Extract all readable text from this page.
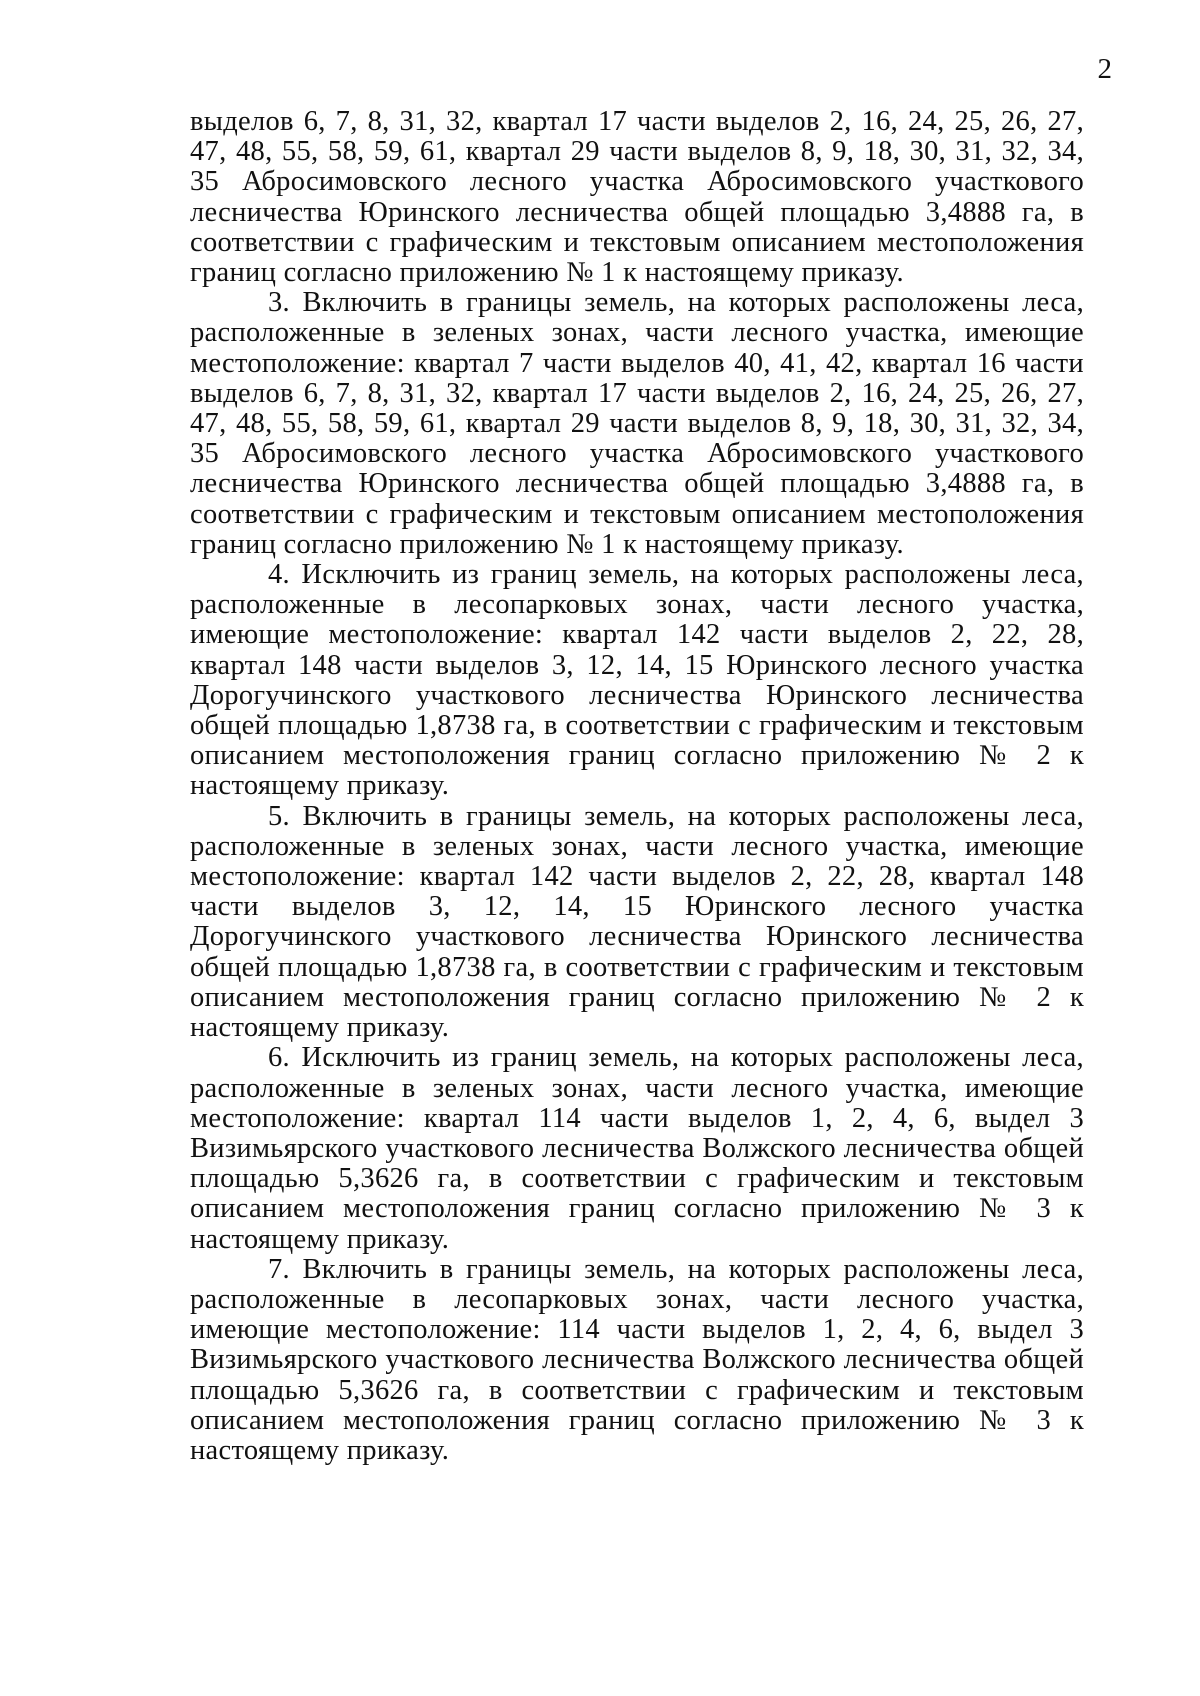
2

выделов 6, 7, 8, 31, 32, квартал 17 части выделов 2, 16, 24, 25, 26, 27, 47, 48, 55, 58, 59, 61, квартал 29 части выделов 8, 9, 18, 30, 31, 32, 34, 35 Абросимовского лесного участка Абросимовского участкового лесничества Юринского лесничества общей площадью 3,4888 га, в соответствии с графическим и текстовым описанием местоположения границ согласно приложению № 1 к настоящему приказу.

3. Включить в границы земель, на которых расположены леса, расположенные в зеленых зонах, части лесного участка, имеющие местоположение: квартал 7 части выделов 40, 41, 42, квартал 16 части выделов 6, 7, 8, 31, 32, квартал 17 части выделов 2, 16, 24, 25, 26, 27, 47, 48, 55, 58, 59, 61, квартал 29 части выделов 8, 9, 18, 30, 31, 32, 34, 35 Абросимовского лесного участка Абросимовского участкового лесничества Юринского лесничества общей площадью 3,4888 га, в соответствии с графическим и текстовым описанием местоположения границ согласно приложению № 1 к настоящему приказу.

4. Исключить из границ земель, на которых расположены леса, расположенные в лесопарковых зонах, части лесного участка, имеющие местоположение: квартал 142 части выделов 2, 22, 28, квартал 148 части выделов 3, 12, 14, 15 Юринского лесного участка Дорогучинского участкового лесничества Юринского лесничества общей площадью 1,8738 га, в соответствии с графическим и текстовым описанием местоположения границ согласно приложению № 2 к настоящему приказу.

5. Включить в границы земель, на которых расположены леса, расположенные в зеленых зонах, части лесного участка, имеющие местоположение: квартал 142 части выделов 2, 22, 28, квартал 148 части выделов 3, 12, 14, 15 Юринского лесного участка Дорогучинского участкового лесничества Юринского лесничества общей площадью 1,8738 га, в соответствии с графическим и текстовым описанием местоположения границ согласно приложению № 2 к настоящему приказу.

6. Исключить из границ земель, на которых расположены леса, расположенные в зеленых зонах, части лесного участка, имеющие местоположение: квартал 114 части выделов 1, 2, 4, 6, выдел 3 Визимьярского участкового лесничества Волжского лесничества общей площадью 5,3626 га, в соответствии с графическим и текстовым описанием местоположения границ согласно приложению № 3 к настоящему приказу.

7. Включить в границы земель, на которых расположены леса, расположенные в лесопарковых зонах, части лесного участка, имеющие местоположение: 114 части выделов 1, 2, 4, 6, выдел 3 Визимьярского участкового лесничества Волжского лесничества общей площадью 5,3626 га, в соответствии с графическим и текстовым описанием местоположения границ согласно приложению № 3 к настоящему приказу.
